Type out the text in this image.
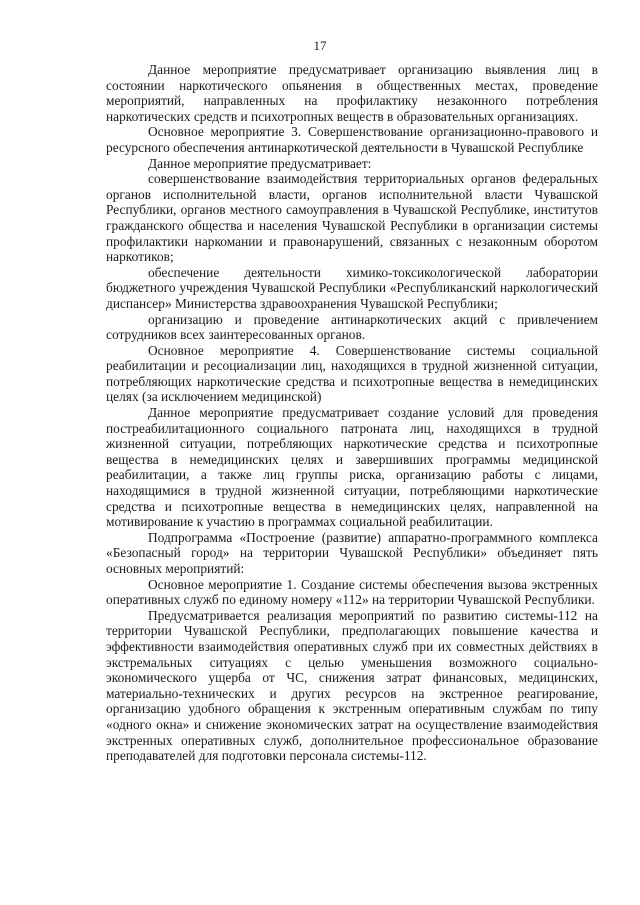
17

Данное мероприятие предусматривает организацию выявления лиц в состоянии наркотического опьянения в общественных местах, проведение мероприятий, направленных на профилактику незаконного потребления наркотических средств и психотропных веществ в образовательных организациях.

Основное мероприятие 3. Совершенствование организационно-правового и ресурсного обеспечения антинаркотической деятельности в Чувашской Республике

Данное мероприятие предусматривает:

совершенствование взаимодействия территориальных органов федеральных органов исполнительной власти, органов исполнительной власти Чувашской Республики, органов местного самоуправления в Чувашской Республике, институтов гражданского общества и населения Чувашской Республики в организации системы профилактики наркомании и правонарушений, связанных с незаконным оборотом наркотиков;

обеспечение деятельности химико-токсикологической лаборатории бюджетного учреждения Чувашской Республики «Республиканский наркологический диспансер» Министерства здравоохранения Чувашской Республики;

организацию и проведение антинаркотических акций с привлечением сотрудников всех заинтересованных органов.

Основное мероприятие 4. Совершенствование системы социальной реабилитации и ресоциализации лиц, находящихся в трудной жизненной ситуации, потребляющих наркотические средства и психотропные вещества в немедицинских целях (за исключением медицинской)

Данное мероприятие предусматривает создание условий для проведения постреабилитационного социального патроната лиц, находящихся в трудной жизненной ситуации, потребляющих наркотические средства и психотропные вещества в немедицинских целях и завершивших программы медицинской реабилитации, а также лиц группы риска, организацию работы с лицами, находящимися в трудной жизненной ситуации, потребляющими наркотические средства и психотропные вещества в немедицинских целях, направленной на мотивирование к участию в программах социальной реабилитации.

Подпрограмма «Построение (развитие) аппаратно-программного комплекса «Безопасный город» на территории Чувашской Республики» объединяет пять основных мероприятий:

Основное мероприятие 1. Создание системы обеспечения вызова экстренных оперативных служб по единому номеру «112» на территории Чувашской Республики.

Предусматривается реализация мероприятий по развитию системы-112 на территории Чувашской Республики, предполагающих повышение качества и эффективности взаимодействия оперативных служб при их совместных действиях в экстремальных ситуациях с целью уменьшения возможного социально-экономического ущерба от ЧС, снижения затрат финансовых, медицинских, материально-технических и других ресурсов на экстренное реагирование, организацию удобного обращения к экстренным оперативным службам по типу «одного окна» и снижение экономических затрат на осуществление взаимодействия экстренных оперативных служб, дополнительное профессиональное образование преподавателей для подготовки персонала системы-112.
